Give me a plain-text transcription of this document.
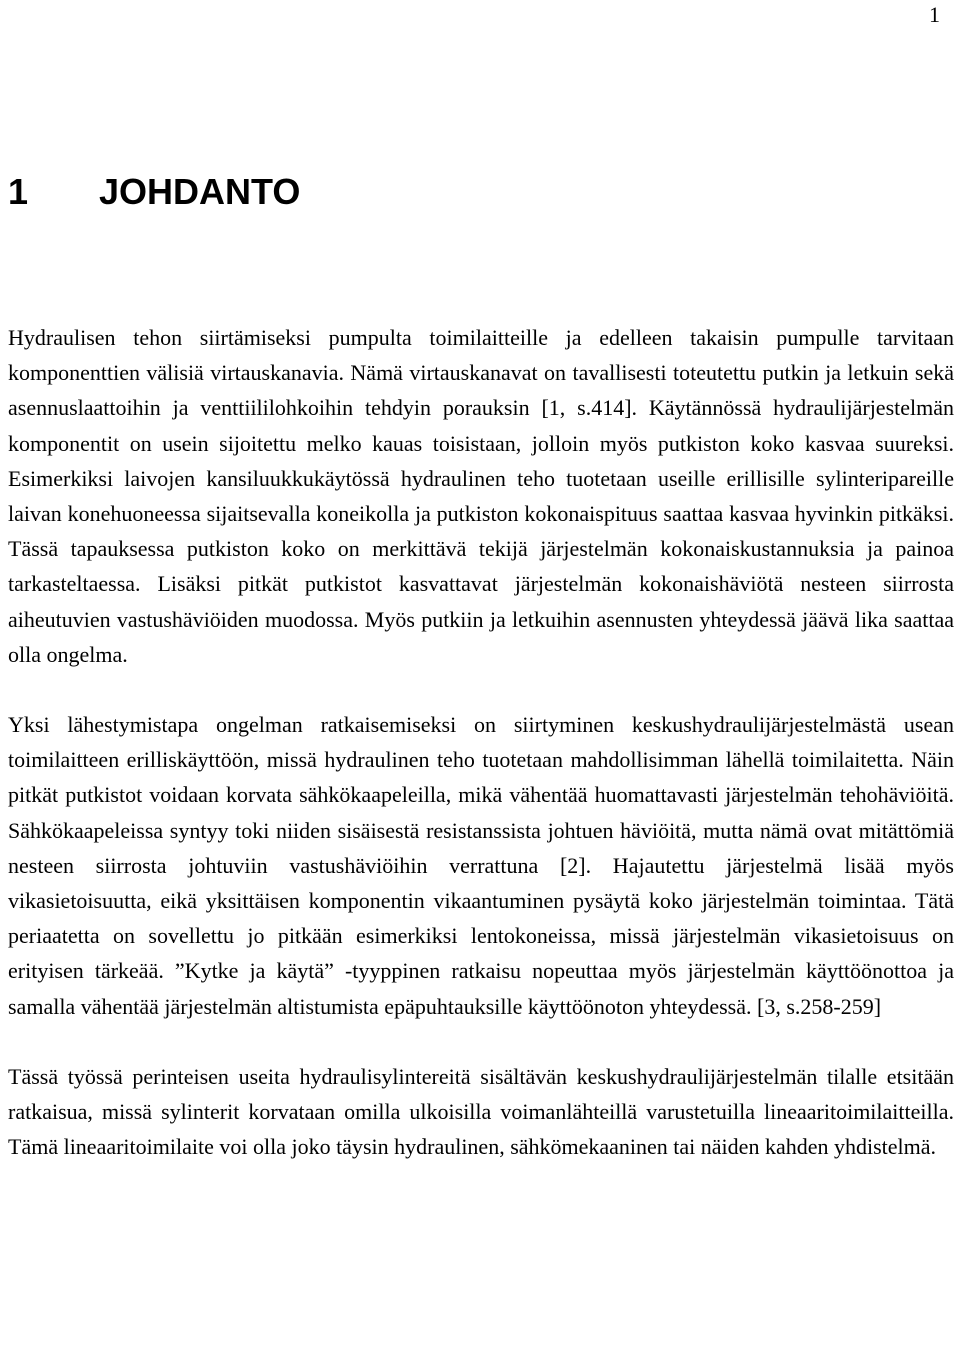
1
1 JOHDANTO

Hydraulisen tehon siirtämiseksi pumpulta toimilaitteille ja edelleen takaisin pumpulle tarvitaan komponenttien välisiä virtauskanavia. Nämä virtauskanavat on tavallisesti toteutettu putkin ja letkuin sekä asennuslaattoihin ja venttiililohkoihin tehdyin porauksin [1, s.414]. Käytännössä hydraulijärjestelmän komponentit on usein sijoitettu melko kauas toisistaan, jolloin myös putkiston koko kasvaa suureksi. Esimerkiksi laivojen kansiluukkukäytössä hydraulinen teho tuotetaan useille erillisille sylinteripareille laivan konehuoneessa sijaitsevalla koneikolla ja putkiston kokonaispituus saattaa kasvaa hyvinkin pitkäksi. Tässä tapauksessa putkiston koko on merkittävä tekijä järjestelmän kokonaiskustannuksia ja painoa tarkasteltaessa. Lisäksi pitkät putkistot kasvattavat järjestelmän kokonaishäviötä nesteen siirrosta aiheutuvien vastushäviöiden muodossa. Myös putkiin ja letkuihin asennusten yhteydessä jäävä lika saattaa olla ongelma.

Yksi lähestymistapa ongelman ratkaisemiseksi on siirtyminen keskushydraulijärjestelmästä usean toimilaitteen erilliskäyttöön, missä hydraulinen teho tuotetaan mahdollisimman lähellä toimilaitetta. Näin pitkät putkistot voidaan korvata sähkökaapeleilla, mikä vähentää huomattavasti järjestelmän tehohäviöitä. Sähkökaapeleissa syntyy toki niiden sisäisestä resistanssista johtuen häviöitä, mutta nämä ovat mitättömiä nesteen siirrosta johtuviin vastushäviöihin verrattuna [2]. Hajautettu järjestelmä lisää myös vikasietoisuutta, eikä yksittäisen komponentin vikaantuminen pysäytä koko järjestelmän toimintaa. Tätä periaatetta on sovellettu jo pitkään esimerkiksi lentokoneissa, missä järjestelmän vikasietoisuus on erityisen tärkeää. ”Kytke ja käytä” -tyyppinen ratkaisu nopeuttaa myös järjestelmän käyttöönottoa ja samalla vähentää järjestelmän altistumista epäpuhtauksille käyttöönoton yhteydessä. [3, s.258-259]

Tässä työssä perinteisen useita hydraulisylintereitä sisältävän keskushydraulijärjestelmän tilalle etsitään ratkaisua, missä sylinterit korvataan omilla ulkoisilla voimanlähteillä varustetuilla lineaaritoimilaitteilla. Tämä lineaaritoimilaite voi olla joko täysin hydraulinen, sähkömekaaninen tai näiden kahden yhdistelmä.
